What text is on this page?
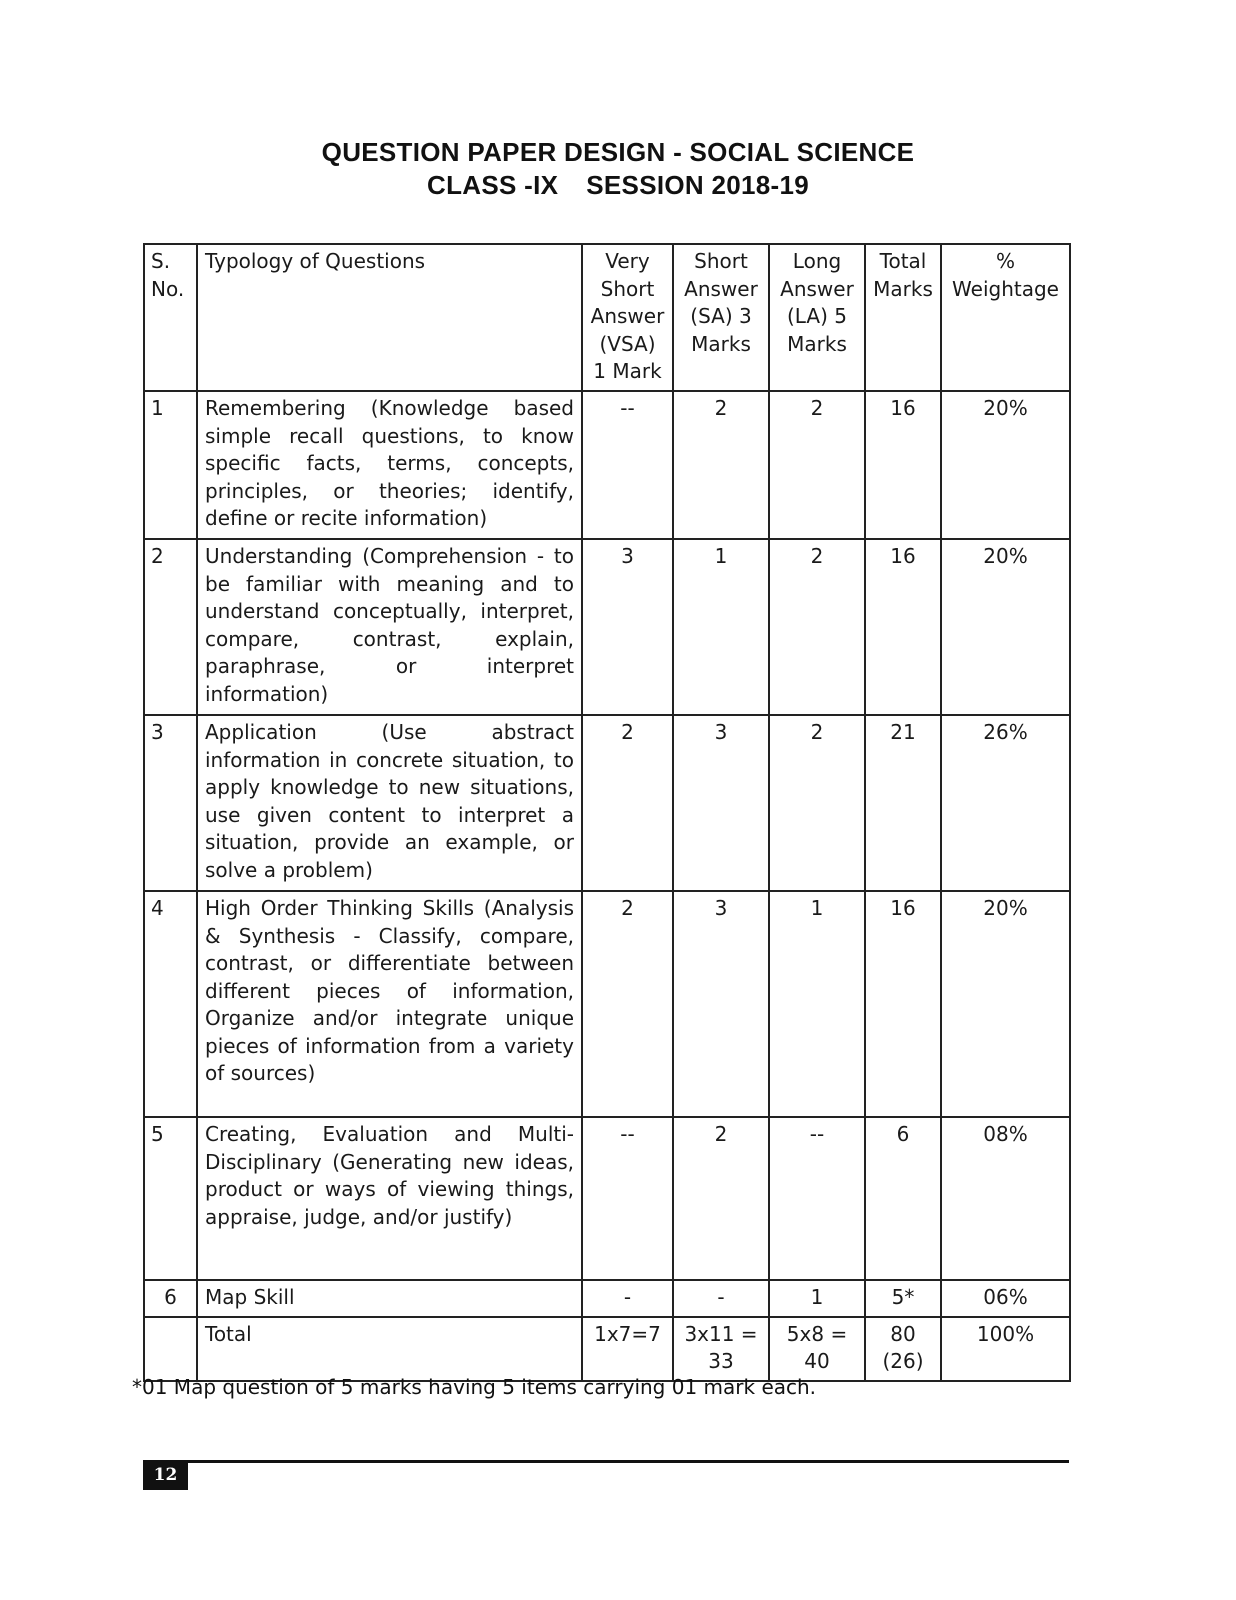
QUESTION PAPER DESIGN - SOCIAL SCIENCE
CLASS -IX SESSION 2018-19
S. No.	Typology of Questions	Very Short Answer (VSA) 1 Mark	Short Answer (SA) 3 Marks	Long Answer (LA) 5 Marks	Total Marks	% Weightage
1	Remembering (Knowledge based simple recall questions, to know specific facts, terms, concepts, principles, or theories; identify, define or recite information)	--	2	2	16	20%
2	Understanding (Comprehension - to be familiar with meaning and to understand conceptually, interpret, compare, contrast, explain, paraphrase, or interpret information)	3	1	2	16	20%
3	Application (Use abstract information in concrete situation, to apply knowledge to new situations, use given content to interpret a situation, provide an example, or solve a problem)	2	3	2	21	26%
4	High Order Thinking Skills (Analysis & Synthesis - Classify, compare, contrast, or differentiate between different pieces of information, Organize and/or integrate unique pieces of information from a variety of sources)	2	3	1	16	20%
5	Creating, Evaluation and Multi-Disciplinary (Generating new ideas, product or ways of viewing things, appraise, judge, and/or justify)	--	2	--	6	08%
6	Map Skill	-	-	1	5*	06%
	Total	1x7=7	3x11 = 33	5x8 = 40	80 (26)	100%
*01 Map question of 5 marks having 5 items carrying 01 mark each.
12
